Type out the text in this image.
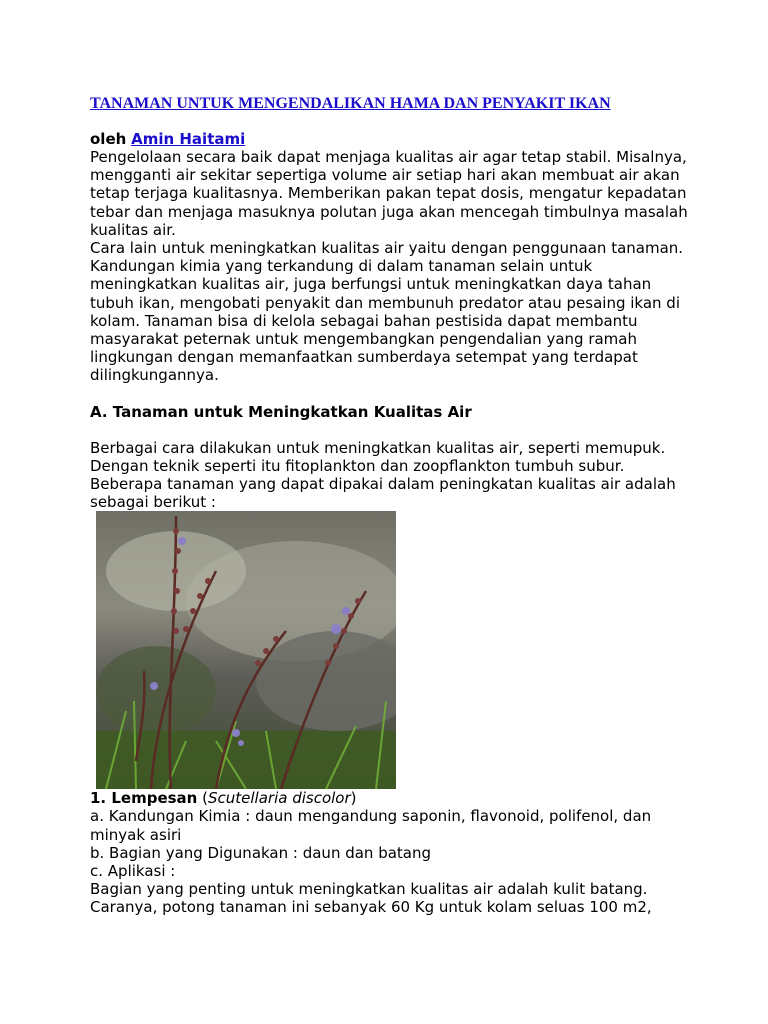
TANAMAN UNTUK MENGENDALIKAN HAMA DAN PENYAKIT IKAN
oleh Amin Haitami

Pengelolaan secara baik dapat menjaga kualitas air agar tetap stabil. Misalnya, mengganti air sekitar sepertiga volume air setiap hari akan membuat air akan tetap terjaga kualitasnya. Memberikan pakan tepat dosis, mengatur kepadatan tebar dan menjaga masuknya polutan juga akan mencegah timbulnya masalah kualitas air.

Cara lain untuk meningkatkan kualitas air yaitu dengan penggunaan tanaman. Kandungan kimia yang terkandung di dalam tanaman selain untuk meningkatkan kualitas air, juga berfungsi untuk meningkatkan daya tahan tubuh ikan, mengobati penyakit dan membunuh predator atau pesaing ikan di kolam. Tanaman bisa di kelola sebagai bahan pestisida dapat membantu masyarakat peternak untuk mengembangkan pengendalian yang ramah lingkungan dengan memanfaatkan sumberdaya setempat yang terdapat dilingkungannya.

A. Tanaman untuk Meningkatkan Kualitas Air

Berbagai cara dilakukan untuk meningkatkan kualitas air, seperti memupuk. Dengan teknik seperti itu fitoplankton dan zoopflankton tumbuh subur. Beberapa tanaman yang dapat dipakai dalam peningkatan kualitas air adalah sebagai berikut :

1. Lempesan (Scutellaria discolor)

a. Kandungan Kimia : daun mengandung saponin, flavonoid, polifenol, dan minyak asiri

b. Bagian yang Digunakan : daun dan batang

c. Aplikasi :

Bagian yang penting untuk meningkatkan kualitas air adalah kulit batang. Caranya, potong tanaman ini sebanyak 60 Kg untuk kolam seluas 100 m2,
